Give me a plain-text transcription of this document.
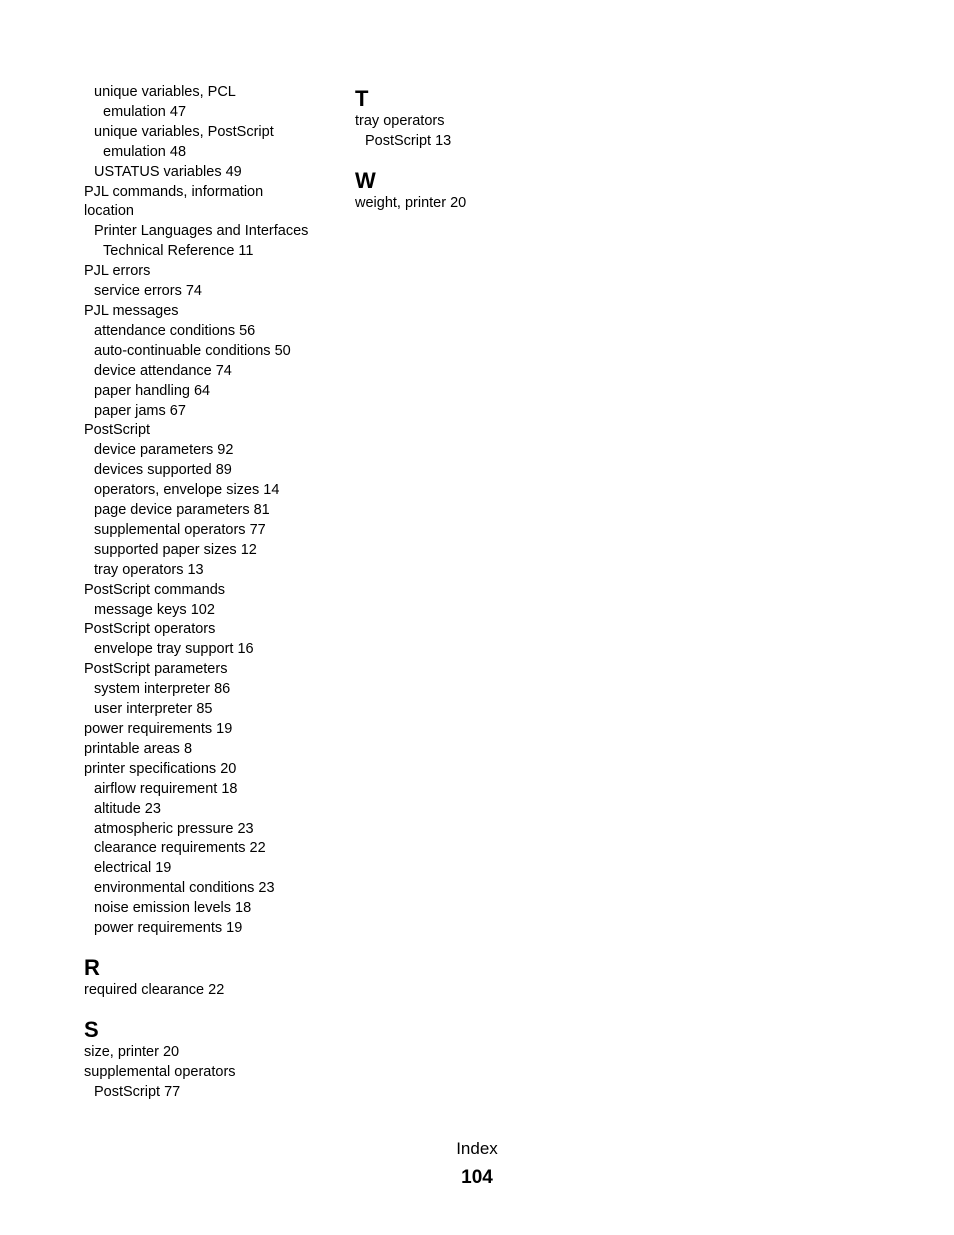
unique variables, PCL
emulation 47
unique variables, PostScript
emulation 48
USTATUS variables 49
PJL commands, information
location
Printer Languages and Interfaces
Technical Reference 11
PJL errors
service errors 74
PJL messages
attendance conditions 56
auto-continuable conditions 50
device attendance 74
paper handling 64
paper jams 67
PostScript
device parameters 92
devices supported 89
operators, envelope sizes 14
page device parameters 81
supplemental operators 77
supported paper sizes 12
tray operators 13
PostScript commands
message keys 102
PostScript operators
envelope tray support 16
PostScript parameters
system interpreter 86
user interpreter 85
power requirements 19
printable areas 8
printer specifications 20
airflow requirement 18
altitude 23
atmospheric pressure 23
clearance requirements 22
electrical 19
environmental conditions 23
noise emission levels 18
power requirements 19
R
required clearance 22
S
size, printer 20
supplemental operators
PostScript 77
T
tray operators
PostScript 13
W
weight, printer 20
Index
104
